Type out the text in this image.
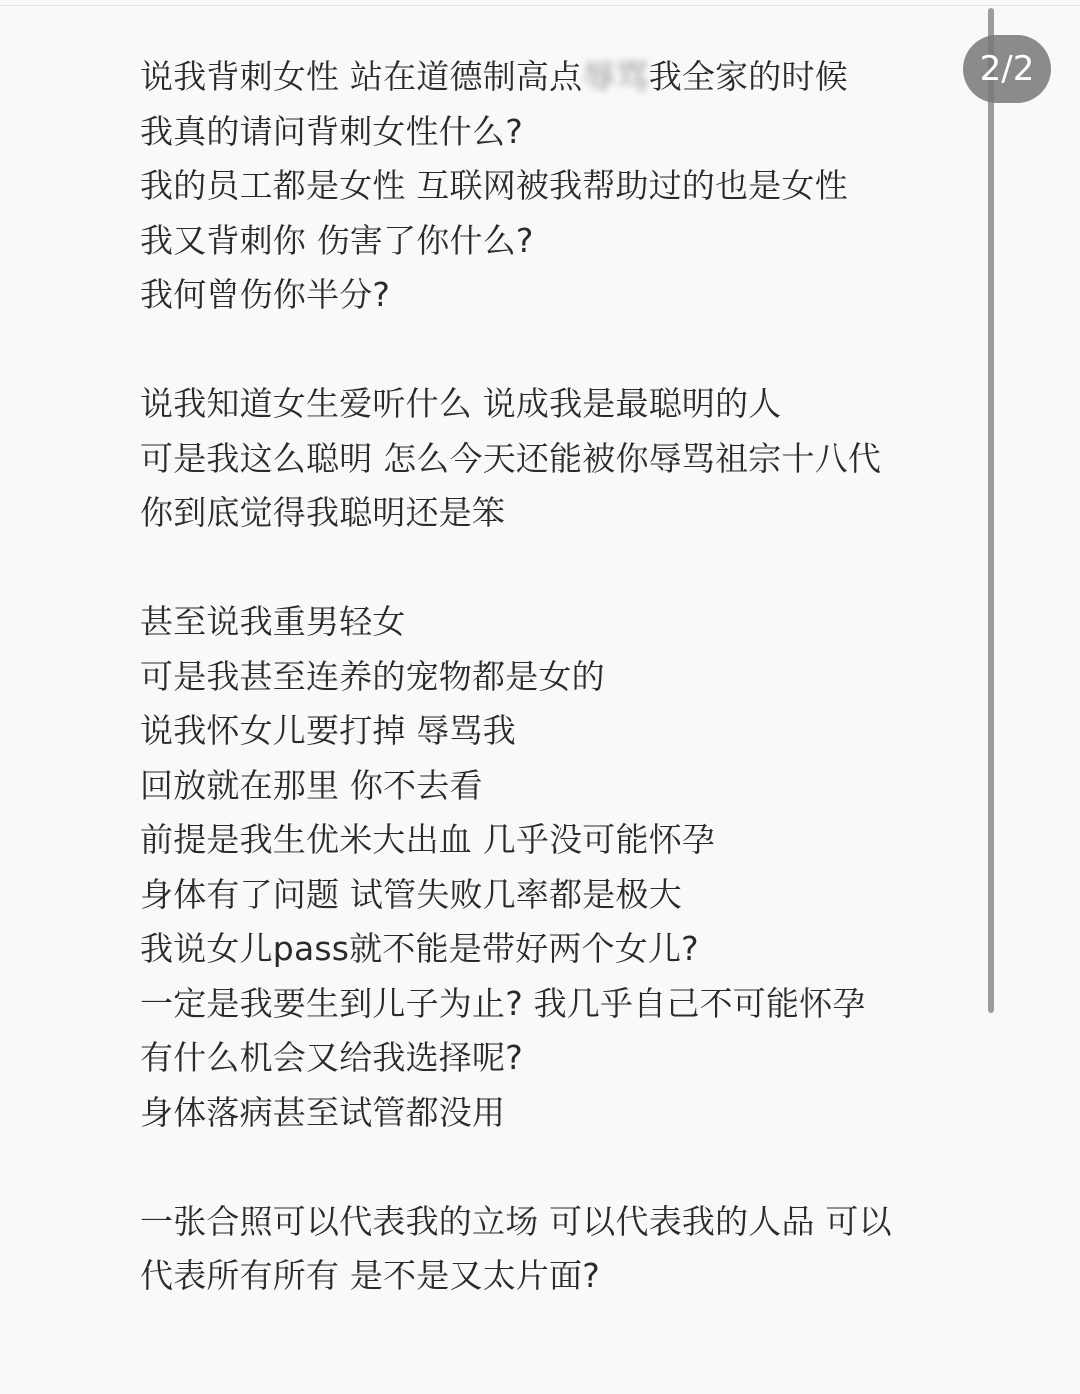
说我背刺女性 站在道德制高点辱骂我全家的时候
我真的请问背刺女性什么?
我的员工都是女性 互联网被我帮助过的也是女性
我又背刺你 伤害了你什么?
我何曾伤你半分?
说我知道女生爱听什么 说成我是最聪明的人
可是我这么聪明 怎么今天还能被你辱骂祖宗十八代
你到底觉得我聪明还是笨
甚至说我重男轻女
可是我甚至连养的宠物都是女的
说我怀女儿要打掉 辱骂我
回放就在那里 你不去看
前提是我生优米大出血 几乎没可能怀孕
身体有了问题 试管失败几率都是极大
我说女儿pass就不能是带好两个女儿?
一定是我要生到儿子为止? 我几乎自己不可能怀孕
有什么机会又给我选择呢?
身体落病甚至试管都没用
一张合照可以代表我的立场 可以代表我的人品 可以
代表所有所有 是不是又太片面?
2/2
